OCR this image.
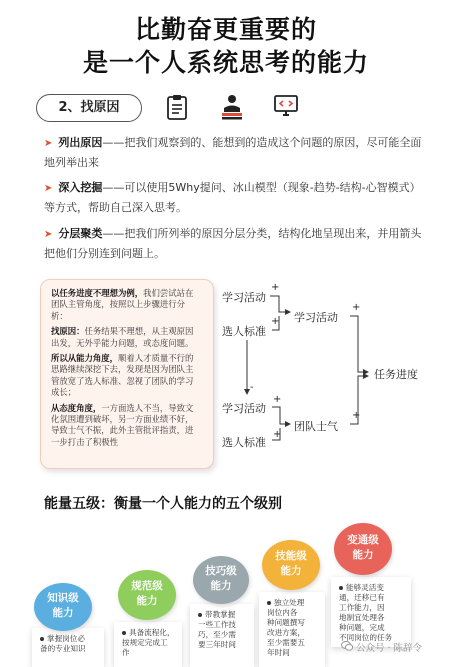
比勤奋更重要的
是一个人系统思考的能力
2、找原因
➤ 列出原因——把我们观察到的、能想到的造成这个问题的原因，尽可能全面地列举出来
➤ 深入挖掘——可以使用5Why提问、冰山模型（现象-趋势-结构-心智模式）等方式，帮助自己深入思考。
➤ 分层聚类——把我们所列举的原因分层分类，结构化地呈现出来，并用箭头把他们分别连到问题上。

以任务进度不理想为例，我们尝试站在团队主管角度，按照以上步骤进行分析：

找原因：任务结果不理想，从主观原因出发，无外乎能力问题，或态度问题。

所以从能力角度，顺着人才质量不行的思路继续深挖下去，发现是因为团队主管放宽了选人标准、忽视了团队的学习成长；

从态度角度，一方面选人不当，导致文化氛围遭到破坏，另一方面业绩不好，导致士气不振，此外主管批评指责，进一步打击了积极性

学习活动
选人标准
学习活动
学习活动
选人标准
团队士气
任务进度
+
+
+
-
+
+
+
能量五级：衡量一个人能力的五个级别
掌握岗位必
备的专业知识
具备流程化，
按规定完成工
作
带教掌握
一些工作技
巧，至少需
要三年时间
独立处理
岗位内各
种问题撰写
改进方案，
至少需要五
年时间
能够灵活变
通，迁移已有
工作能力，因
地制宜处理各
种问题，完成
不同岗位的任务
知识级
能力
规范级
能力
技巧级
能力
技能级
能力
变通级
能力
公众号 · 陈辞令
